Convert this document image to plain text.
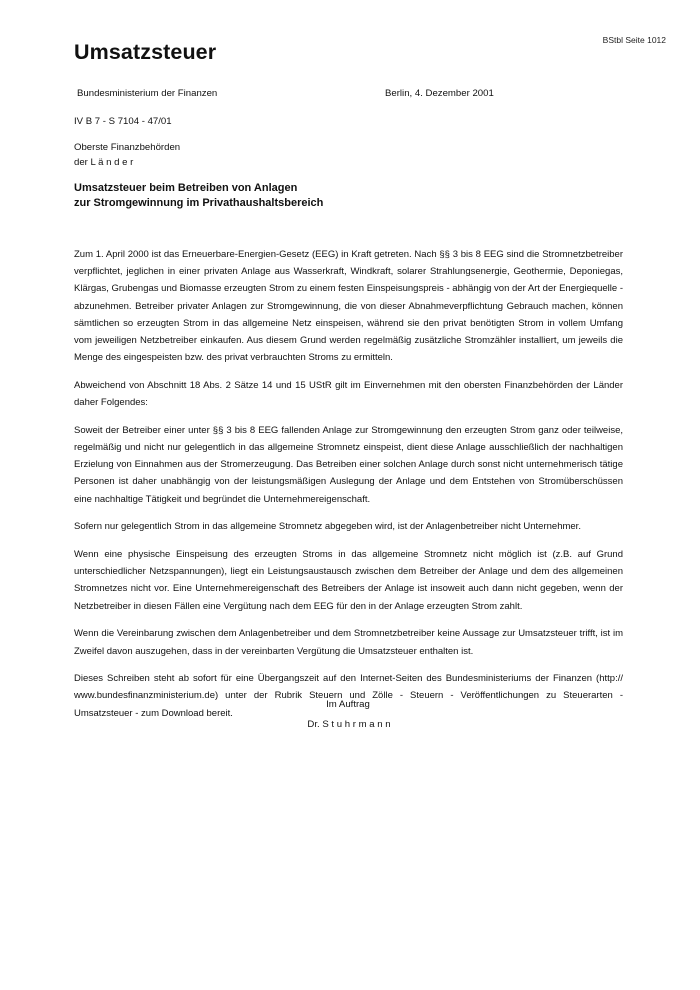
BStbl Seite 1012
Umsatzsteuer
Bundesministerium der Finanzen	Berlin, 4. Dezember 2001
IV B 7 - S 7104 - 47/01
Oberste Finanzbehörden
der L ä n d e r
Umsatzsteuer beim Betreiben von Anlagen
zur Stromgewinnung im Privathaushaltsbereich

Zum 1. April 2000 ist das Erneuerbare-Energien-Gesetz (EEG) in Kraft getreten. Nach §§ 3 bis 8 EEG sind die Stromnetzbetreiber verpflichtet, jeglichen in einer privaten Anlage aus Wasserkraft, Windkraft, solarer Strahlungsenergie, Geothermie, Deponiegas, Klärgas, Grubengas und Biomasse erzeugten Strom zu einem festen Einspeisungspreis - abhängig von der Art der Energiequelle - abzunehmen. Betreiber privater Anlagen zur Stromgewinnung, die von dieser Abnahmeverpflichtung Gebrauch machen, können sämtlichen so erzeugten Strom in das allgemeine Netz einspeisen, während sie den privat benötigten Strom in vollem Umfang vom jeweiligen Netzbetreiber einkaufen. Aus diesem Grund werden regelmäßig zusätzliche Stromzähler installiert, um jeweils die Menge des eingespeisten bzw. des privat verbrauchten Stroms zu ermitteln.

Abweichend von Abschnitt 18 Abs. 2 Sätze 14 und 15 UStR gilt im Einvernehmen mit den obersten Finanzbehörden der Länder daher Folgendes:

Soweit der Betreiber einer unter §§ 3 bis 8 EEG fallenden Anlage zur Stromgewinnung den erzeugten Strom ganz oder teilweise, regelmäßig und nicht nur gelegentlich in das allgemeine Stromnetz einspeist, dient diese Anlage ausschließlich der nachhaltigen Erzielung von Einnahmen aus der Stromerzeugung. Das Betreiben einer solchen Anlage durch sonst nicht unternehmerisch tätige Personen ist daher unabhängig von der leistungsmäßigen Auslegung der Anlage und dem Entstehen von Stromüberschüssen eine nachhaltige Tätigkeit und begründet die Unternehmereigenschaft.

Sofern nur gelegentlich Strom in das allgemeine Stromnetz abgegeben wird, ist der Anlagenbetreiber nicht Unternehmer.

Wenn eine physische Einspeisung des erzeugten Stroms in das allgemeine Stromnetz nicht möglich ist (z.B. auf Grund unterschiedlicher Netzspannungen), liegt ein Leistungsaustausch zwischen dem Betreiber der Anlage und dem des allgemeinen Stromnetzes nicht vor. Eine Unternehmereigenschaft des Betreibers der Anlage ist insoweit auch dann nicht gegeben, wenn der Netzbetreiber in diesen Fällen eine Vergütung nach dem EEG für den in der Anlage erzeugten Strom zahlt.

Wenn die Vereinbarung zwischen dem Anlagenbetreiber und dem Stromnetzbetreiber keine Aussage zur Umsatzsteuer trifft, ist im Zweifel davon auszugehen, dass in der vereinbarten Vergütung die Umsatzsteuer enthalten ist.

Dieses Schreiben steht ab sofort für eine Übergangszeit auf den Internet-Seiten des Bundesministeriums der Finanzen (http:// www.bundesfinanzministerium.de) unter der Rubrik Steuern und Zölle - Steuern - Veröffentlichungen zu Steuerarten - Umsatzsteuer - zum Download bereit.

Im Auftrag
Dr. S t u h r m a n n
